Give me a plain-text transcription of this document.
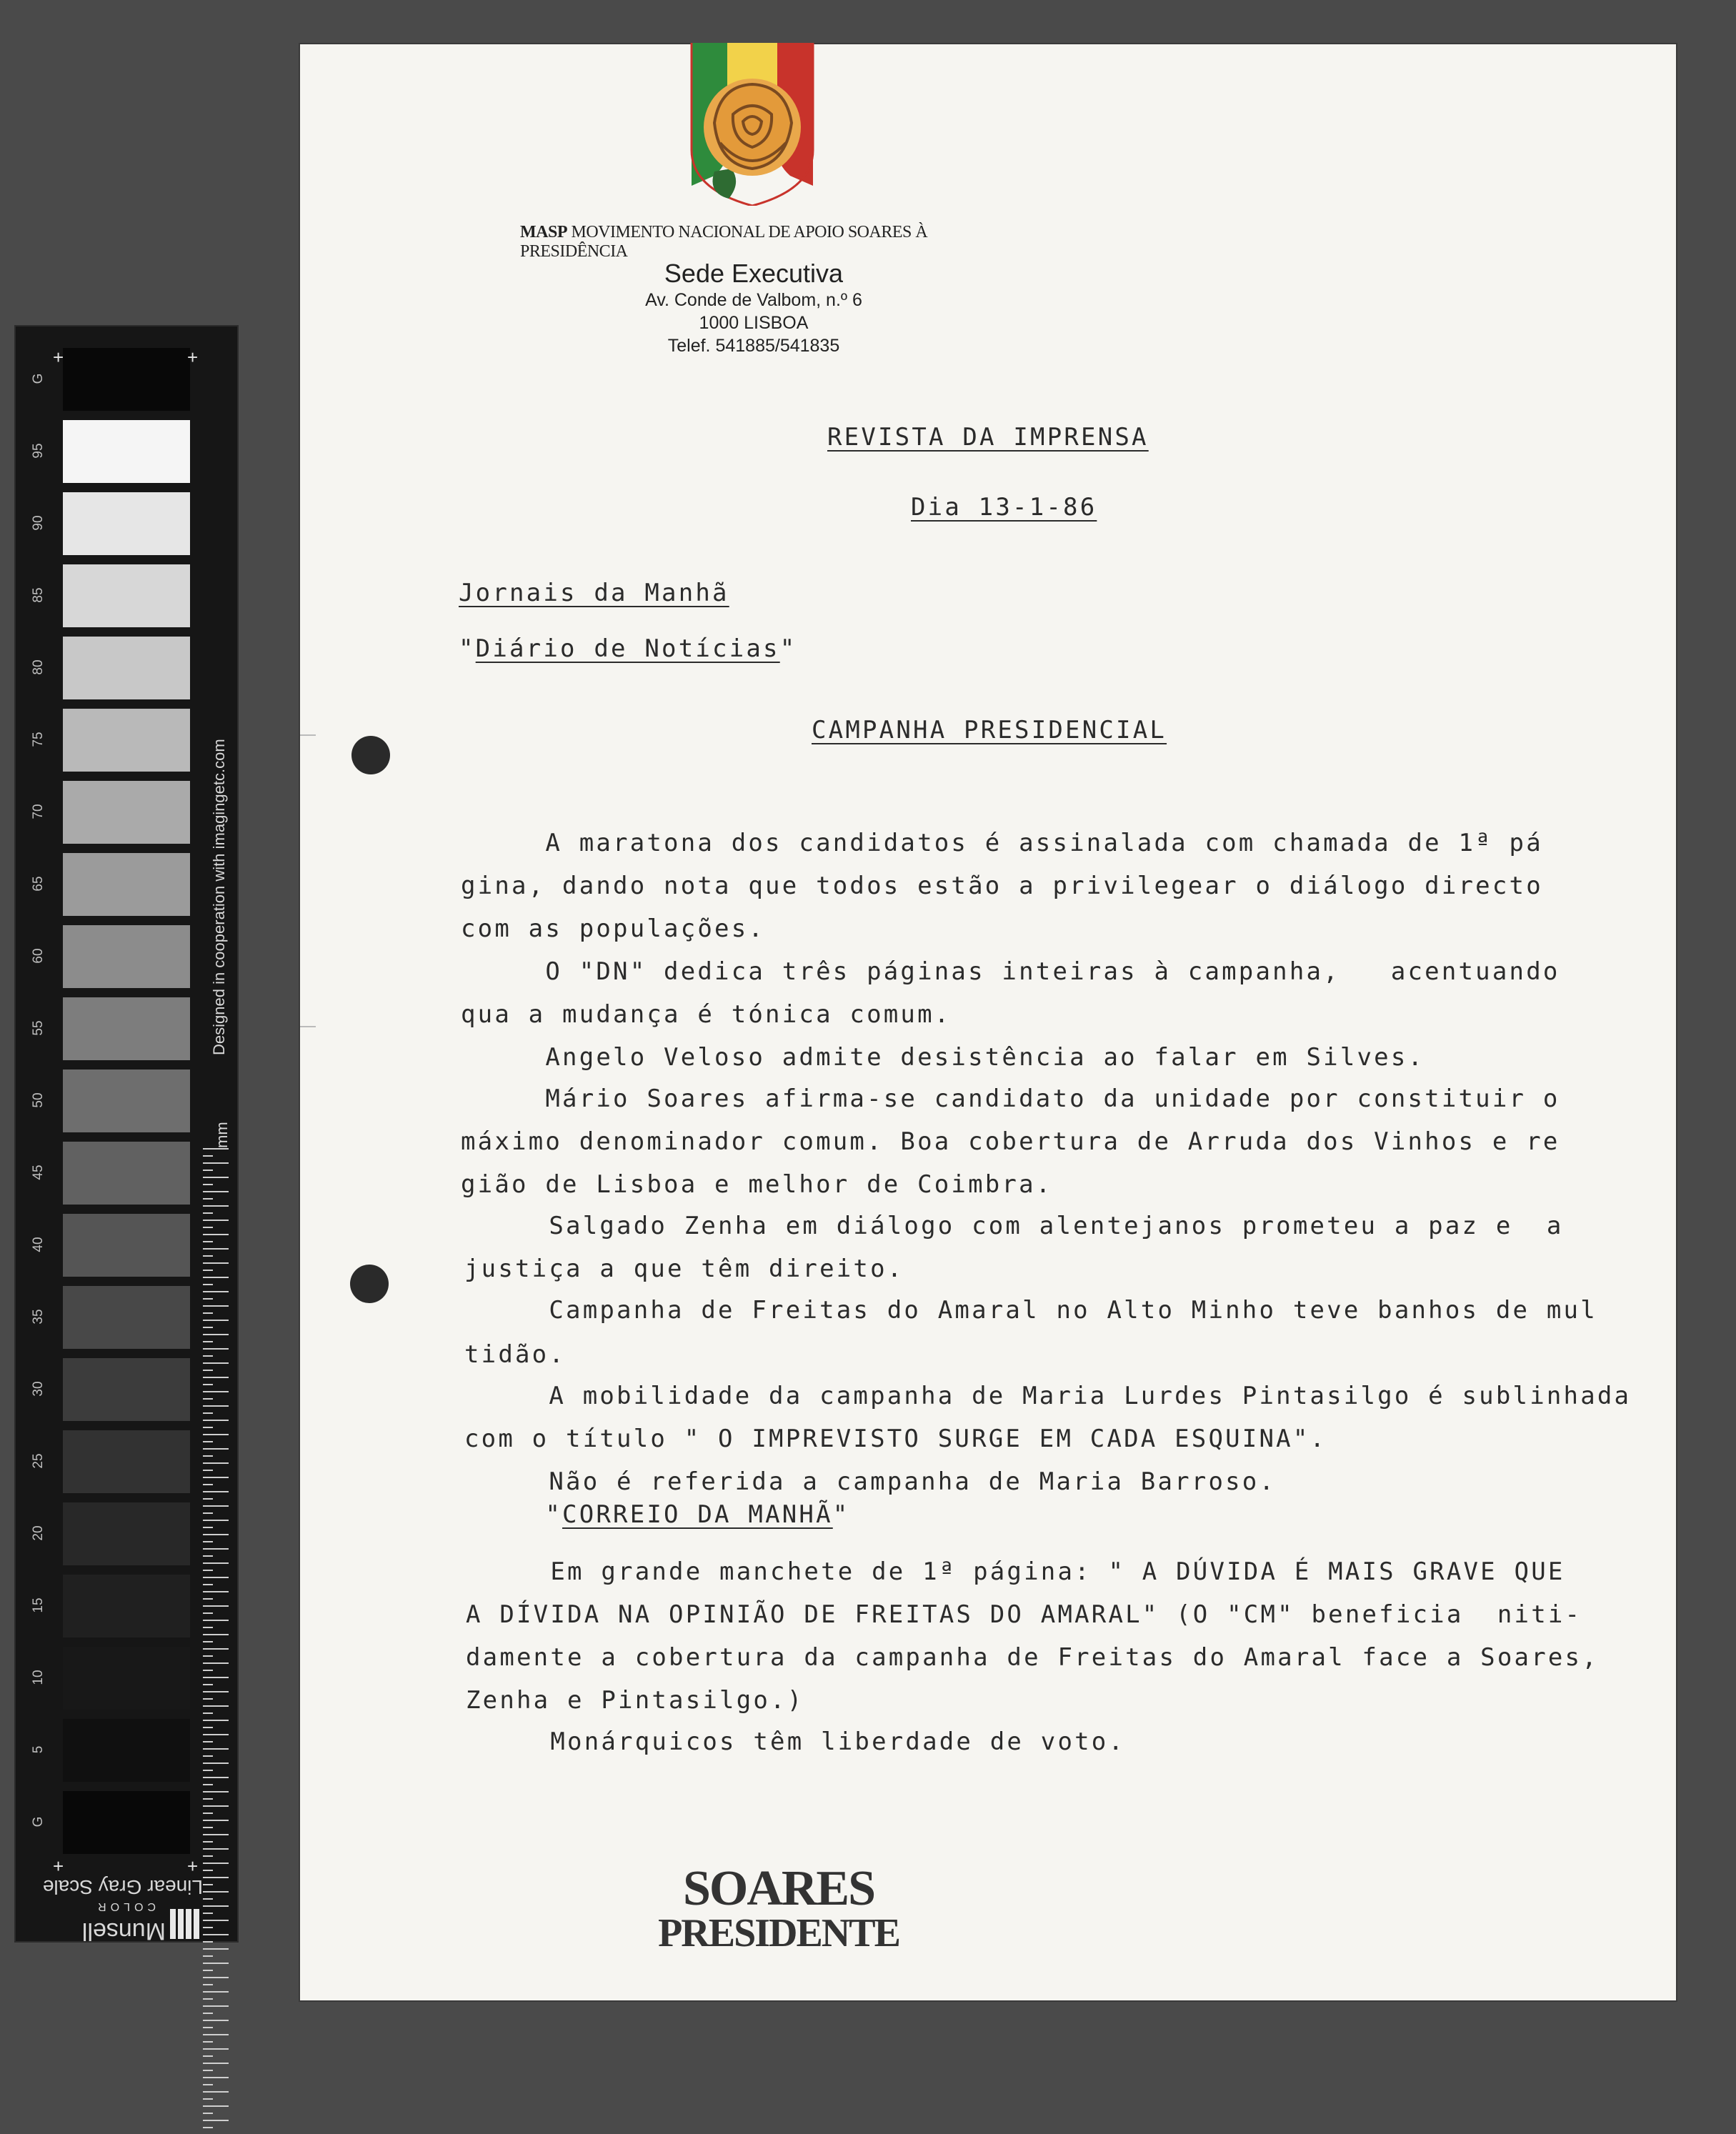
Designed in cooperation with imagingetc.com
mm
+	+
+	+
Linear Gray Scale
Munsell
COLOR
G
95
90
85
80
75
70
65
60
55
50
45
40
35
30
25
20
15
10
5
G
MASP MOVIMENTO NACIONAL DE APOIO SOARES À PRESIDÊNCIA
Sede Executiva
Av. Conde de Valbom, n.º 6
1000 LISBOA
Telef. 541885/541835
REVISTA DA IMPRENSA
Dia 13-1-86
Jornais da Manhã
"Diário de Notícias"
CAMPANHA PRESIDENCIAL
A maratona dos candidatos é assinalada com chamada de 1ª pá
gina, dando nota que todos estão a privilegear o diálogo directo
com as populações.
O "DN" dedica três páginas inteiras à campanha,   acentuando
qua a mudança é tónica comum.
Angelo Veloso admite desistência ao falar em Silves.
Mário Soares afirma-se candidato da unidade por constituir o
máximo denominador comum. Boa cobertura de Arruda dos Vinhos e re
gião de Lisboa e melhor de Coimbra.
Salgado Zenha em diálogo com alentejanos prometeu a paz e  a
justiça a que têm direito.
Campanha de Freitas do Amaral no Alto Minho teve banhos de mul
tidão.
A mobilidade da campanha de Maria Lurdes Pintasilgo é sublinhada
com o título " O IMPREVISTO SURGE EM CADA ESQUINA".
Não é referida a campanha de Maria Barroso.
"CORREIO DA MANHÃ"
Em grande manchete de 1ª página: " A DÚVIDA É MAIS GRAVE QUE
A DÍVIDA NA OPINIÃO DE FREITAS DO AMARAL" (O "CM" beneficia  niti-
damente a cobertura da campanha de Freitas do Amaral face a Soares,
Zenha e Pintasilgo.)
Monárquicos têm liberdade de voto.
SOARES
PRESIDENTE
